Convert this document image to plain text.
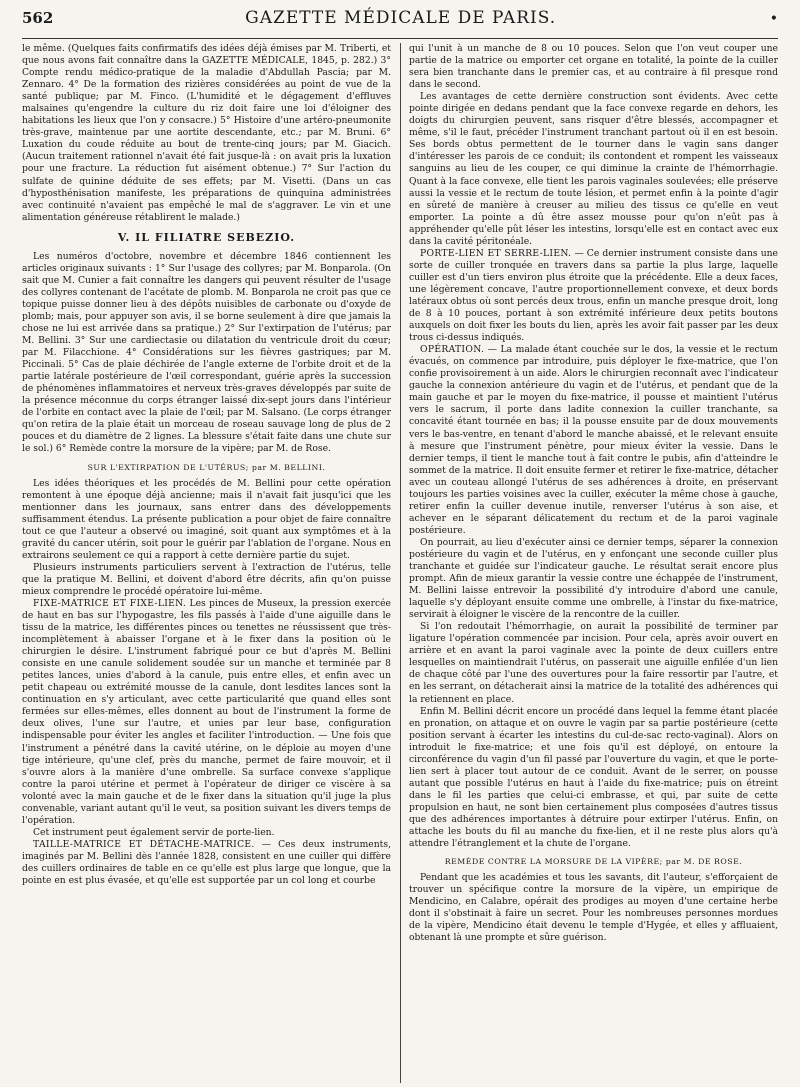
562	GAZETTE MÉDICALE DE PARIS.	•

le même. (Quelques faits confirmatifs des idées déjà émises par M. Triberti, et que nous avons fait connaître dans la GAZETTE MÉDICALE, 1845, p. 282.) 3° Compte rendu médico-pratique de la maladie d'Abdullah Pascia; par M. Zennaro. 4° De la formation des rizières considérées au point de vue de la santé publique; par M. Finco. (L'humidité et le dégagement d'effluves malsaines qu'engendre la culture du riz doit faire une loi d'éloigner des habitations les lieux que l'on y consacre.) 5° Histoire d'une artéro-pneumonite très-grave, maintenue par une aortite descendante, etc.; par M. Bruni. 6° Luxation du coude réduite au bout de trente-cinq jours; par M. Giacich. (Aucun traitement rationnel n'avait été fait jusque-là : on avait pris la luxation pour une fracture. La réduction fut aisément obtenue.) 7° Sur l'action du sulfate de quinine déduite de ses effets; par M. Visetti. (Dans un cas d'hyposthénisation manifeste, les préparations de quinquina administrées avec continuité n'avaient pas empêché le mal de s'aggraver. Le vin et une alimentation généreuse rétablirent le malade.)

V. IL FILIATRE SEBEZIO.

Les numéros d'octobre, novembre et décembre 1846 contiennent les articles originaux suivants : 1° Sur l'usage des collyres; par M. Bonparola. (On sait que M. Cunier a fait connaître les dangers qui peuvent résulter de l'usage des collyres contenant de l'acétate de plomb. M. Bonparola ne croit pas que ce topique puisse donner lieu à des dépôts nuisibles de carbonate ou d'oxyde de plomb; mais, pour appuyer son avis, il se borne seulement à dire que jamais la chose ne lui est arrivée dans sa pratique.) 2° Sur l'extirpation de l'utérus; par M. Bellini. 3° Sur une cardiectasie ou dilatation du ventricule droit du cœur; par M. Filacchione. 4° Considérations sur les fièvres gastriques; par M. Piccinali. 5° Cas de plaie déchirée de l'angle externe de l'orbite droit et de la partie latérale postérieure de l'œil correspondant, guérie après la succession de phénomènes inflammatoires et nerveux très-graves développés par suite de la présence méconnue du corps étranger laissé dix-sept jours dans l'intérieur de l'orbite en contact avec la plaie de l'œil; par M. Salsano. (Le corps étranger qu'on retira de la plaie était un morceau de roseau sauvage long de plus de 2 pouces et du diamètre de 2 lignes. La blessure s'était faite dans une chute sur le sol.) 6° Remède contre la morsure de la vipère; par M. de Rose.

SUR L'EXTIRPATION DE L'UTÉRUS; par M. BELLINI.

Les idées théoriques et les procédés de M. Bellini pour cette opération remontent à une époque déjà ancienne; mais il n'avait fait jusqu'ici que les mentionner dans les journaux, sans entrer dans des développements suffisamment étendus. La présente publication a pour objet de faire connaître tout ce que l'auteur a observé ou imaginé, soit quant aux symptômes et à la gravité du cancer utérin, soit pour le guérir par l'ablation de l'organe. Nous en extrairons seulement ce qui a rapport à cette dernière partie du sujet.

Plusieurs instruments particuliers servent à l'extraction de l'utérus, telle que la pratique M. Bellini, et doivent d'abord être décrits, afin qu'on puisse mieux comprendre le procédé opératoire lui-même.

FIXE-MATRICE ET FIXE-LIEN. Les pinces de Museux, la pression exercée de haut en bas sur l'hypogastre, les fils passés à l'aide d'une aiguille dans le tissu de la matrice, les différentes pinces ou tenettes ne réussissent que très-incomplètement à abaisser l'organe et à le fixer dans la position où le chirurgien le désire. L'instrument fabriqué pour ce but d'après M. Bellini consiste en une canule solidement soudée sur un manche et terminée par 8 petites lances, unies d'abord à la canule, puis entre elles, et enfin avec un petit chapeau ou extrémité mousse de la canule, dont lesdites lances sont la continuation en s'y articulant, avec cette particularité que quand elles sont fermées sur elles-mêmes, elles donnent au bout de l'instrument la forme de deux olives, l'une sur l'autre, et unies par leur base, configuration indispensable pour éviter les angles et faciliter l'introduction. — Une fois que l'instrument a pénétré dans la cavité utérine, on le déploie au moyen d'une tige intérieure, qu'une clef, près du manche, permet de faire mouvoir, et il s'ouvre alors à la manière d'une ombrelle. Sa surface convexe s'applique contre la paroi utérine et permet à l'opérateur de diriger ce viscère à sa volonté avec la main gauche et de le fixer dans la situation qu'il juge la plus convenable, variant autant qu'il le veut, sa position suivant les divers temps de l'opération.

Cet instrument peut également servir de porte-lien.

TAILLE-MATRICE ET DÉTACHE-MATRICE. — Ces deux instruments, imaginés par M. Bellini dès l'année 1828, consistent en une cuiller qui diffère des cuillers ordinaires de table en ce qu'elle est plus large que longue, que la pointe en est plus évasée, et qu'elle est supportée par un col long et courbe

qui l'unit à un manche de 8 ou 10 pouces. Selon que l'on veut couper une partie de la matrice ou emporter cet organe en totalité, la pointe de la cuiller sera bien tranchante dans le premier cas, et au contraire à fil presque rond dans le second.

Les avantages de cette dernière construction sont évidents. Avec cette pointe dirigée en dedans pendant que la face convexe regarde en dehors, les doigts du chirurgien peuvent, sans risquer d'être blessés, accompagner et même, s'il le faut, précéder l'instrument tranchant partout où il en est besoin. Ses bords obtus permettent de le tourner dans le vagin sans danger d'intéresser les parois de ce conduit; ils contondent et rompent les vaisseaux sanguins au lieu de les couper, ce qui diminue la crainte de l'hémorrhagie. Quant à la face convexe, elle tient les parois vaginales soulevées; elle préserve aussi la vessie et le rectum de toute lésion, et permet enfin à la pointe d'agir en sûreté de manière à creuser au milieu des tissus ce qu'elle en veut emporter. La pointe a dû être assez mousse pour qu'on n'eût pas à appréhender qu'elle pût léser les intestins, lorsqu'elle est en contact avec eux dans la cavité péritonéale.

PORTE-LIEN ET SERRE-LIEN. — Ce dernier instrument consiste dans une sorte de cuiller tronquée en travers dans sa partie la plus large, laquelle cuiller est d'un tiers environ plus étroite que la précédente. Elle a deux faces, une légèrement concave, l'autre proportionnellement convexe, et deux bords latéraux obtus où sont percés deux trous, enfin un manche presque droit, long de 8 à 10 pouces, portant à son extrémité inférieure deux petits boutons auxquels on doit fixer les bouts du lien, après les avoir fait passer par les deux trous ci-dessus indiqués.

OPÉRATION. — La malade étant couchée sur le dos, la vessie et le rectum évacués, on commence par introduire, puis déployer le fixe-matrice, que l'on confie provisoirement à un aide. Alors le chirurgien reconnaît avec l'indicateur gauche la connexion antérieure du vagin et de l'utérus, et pendant que de la main gauche et par le moyen du fixe-matrice, il pousse et maintient l'utérus vers le sacrum, il porte dans ladite connexion la cuiller tranchante, sa concavité étant tournée en bas; il la pousse ensuite par de doux mouvements vers le bas-ventre, en tenant d'abord le manche abaissé, et le relevant ensuite à mesure que l'instrument pénètre, pour mieux éviter la vessie. Dans le dernier temps, il tient le manche tout à fait contre le pubis, afin d'atteindre le sommet de la matrice. Il doit ensuite fermer et retirer le fixe-matrice, détacher avec un couteau allongé l'utérus de ses adhérences à droite, en préservant toujours les parties voisines avec la cuiller, exécuter la même chose à gauche, retirer enfin la cuiller devenue inutile, renverser l'utérus à son aise, et achever en le séparant délicatement du rectum et de la paroi vaginale postérieure.

On pourrait, au lieu d'exécuter ainsi ce dernier temps, séparer la connexion postérieure du vagin et de l'utérus, en y enfonçant une seconde cuiller plus tranchante et guidée sur l'indicateur gauche. Le résultat serait encore plus prompt. Afin de mieux garantir la vessie contre une échappée de l'instrument, M. Bellini laisse entrevoir la possibilité d'y introduire d'abord une canule, laquelle s'y déployant ensuite comme une ombrelle, à l'instar du fixe-matrice, servirait à éloigner le viscère de la rencontre de la cuiller.

Si l'on redoutait l'hémorrhagie, on aurait la possibilité de terminer par ligature l'opération commencée par incision. Pour cela, après avoir ouvert en arrière et en avant la paroi vaginale avec la pointe de deux cuillers entre lesquelles on maintiendrait l'utérus, on passerait une aiguille enfilée d'un lien de chaque côté par l'une des ouvertures pour la faire ressortir par l'autre, et en les serrant, on détacherait ainsi la matrice de la totalité des adhérences qui la retiennent en place.

Enfin M. Bellini décrit encore un procédé dans lequel la femme étant placée en pronation, on attaque et on ouvre le vagin par sa partie postérieure (cette position servant à écarter les intestins du cul-de-sac recto-vaginal). Alors on introduit le fixe-matrice; et une fois qu'il est déployé, on entoure la circonférence du vagin d'un fil passé par l'ouverture du vagin, et que le porte-lien sert à placer tout autour de ce conduit. Avant de le serrer, on pousse autant que possible l'utérus en haut à l'aide du fixe-matrice; puis on étreint dans le fil les parties que celui-ci embrasse, et qui, par suite de cette propulsion en haut, ne sont bien certainement plus composées d'autres tissus que des adhérences importantes à détruire pour extirper l'utérus. Enfin, on attache les bouts du fil au manche du fixe-lien, et il ne reste plus alors qu'à attendre l'étranglement et la chute de l'organe.

REMÈDE CONTRE LA MORSURE DE LA VIPÈRE; par M. DE ROSE.

Pendant que les académies et tous les savants, dit l'auteur, s'efforçaient de trouver un spécifique contre la morsure de la vipère, un empirique de Mendicino, en Calabre, opérait des prodiges au moyen d'une certaine herbe dont il s'obstinait à faire un secret. Pour les nombreuses personnes mordues de la vipère, Mendicino était devenu le temple d'Hygée, et elles y affluaient, obtenant là une prompte et sûre guérison.
